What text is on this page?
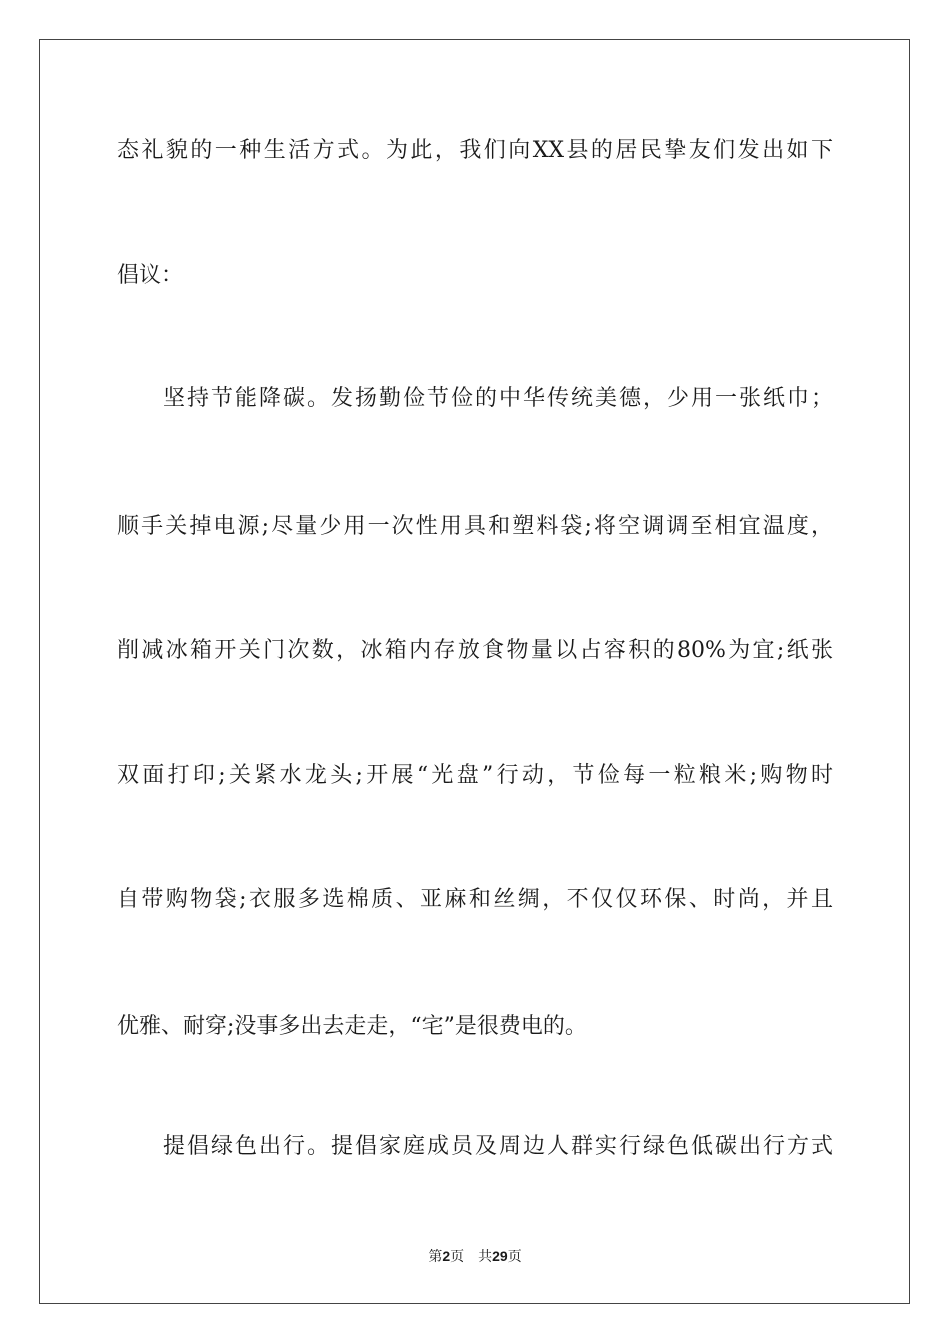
态礼貌的一种生活方式。为此，我们向XX县的居民挚友们发出如下
倡议：
坚持节能降碳。发扬勤俭节俭的中华传统美德，少用一张纸巾；
顺手关掉电源;尽量少用一次性用具和塑料袋;将空调调至相宜温度，
削减冰箱开关门次数，冰箱内存放食物量以占容积的80%为宜;纸张
双面打印;关紧水龙头;开展“光盘”行动，节俭每一粒粮米;购物时
自带购物袋;衣服多选棉质、亚麻和丝绸，不仅仅环保、时尚，并且
优雅、耐穿;没事多出去走走，“宅”是很费电的。
提倡绿色出行。提倡家庭成员及周边人群实行绿色低碳出行方式
第2页 共29页
